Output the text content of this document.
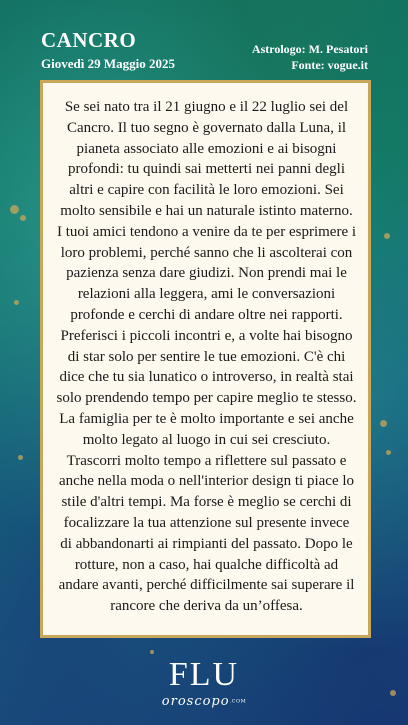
CANCRO
Giovedì 29 Maggio 2025
Astrologo: M. Pesatori
Fonte: vogue.it

Se sei nato tra il 21 giugno e il 22 luglio sei del Cancro. Il tuo segno è governato dalla Luna, il pianeta associato alle emozioni e ai bisogni profondi: tu quindi sai metterti nei panni degli altri e capire con facilità le loro emozioni. Sei molto sensibile e hai un naturale istinto materno. I tuoi amici tendono a venire da te per esprimere i loro problemi, perché sanno che li ascolterai con pazienza senza dare giudizi. Non prendi mai le relazioni alla leggera, ami le conversazioni profonde e cerchi di andare oltre nei rapporti. Preferisci i piccoli incontri e, a volte hai bisogno di star solo per sentire le tue emozioni. C'è chi dice che tu sia lunatico o introverso, in realtà stai solo prendendo tempo per capire meglio te stesso. La famiglia per te è molto importante e sei anche molto legato al luogo in cui sei cresciuto. Trascorri molto tempo a riflettere sul passato e anche nella moda o nell'interior design ti piace lo stile d'altri tempi. Ma forse è meglio se cerchi di focalizzare la tua attenzione sul presente invece di abbandonarti ai rimpianti del passato. Dopo le rotture, non a caso, hai qualche difficoltà ad andare avanti, perché difficilmente sai superare il rancore che deriva da un’offesa.

FLU
oroscopo.COM
